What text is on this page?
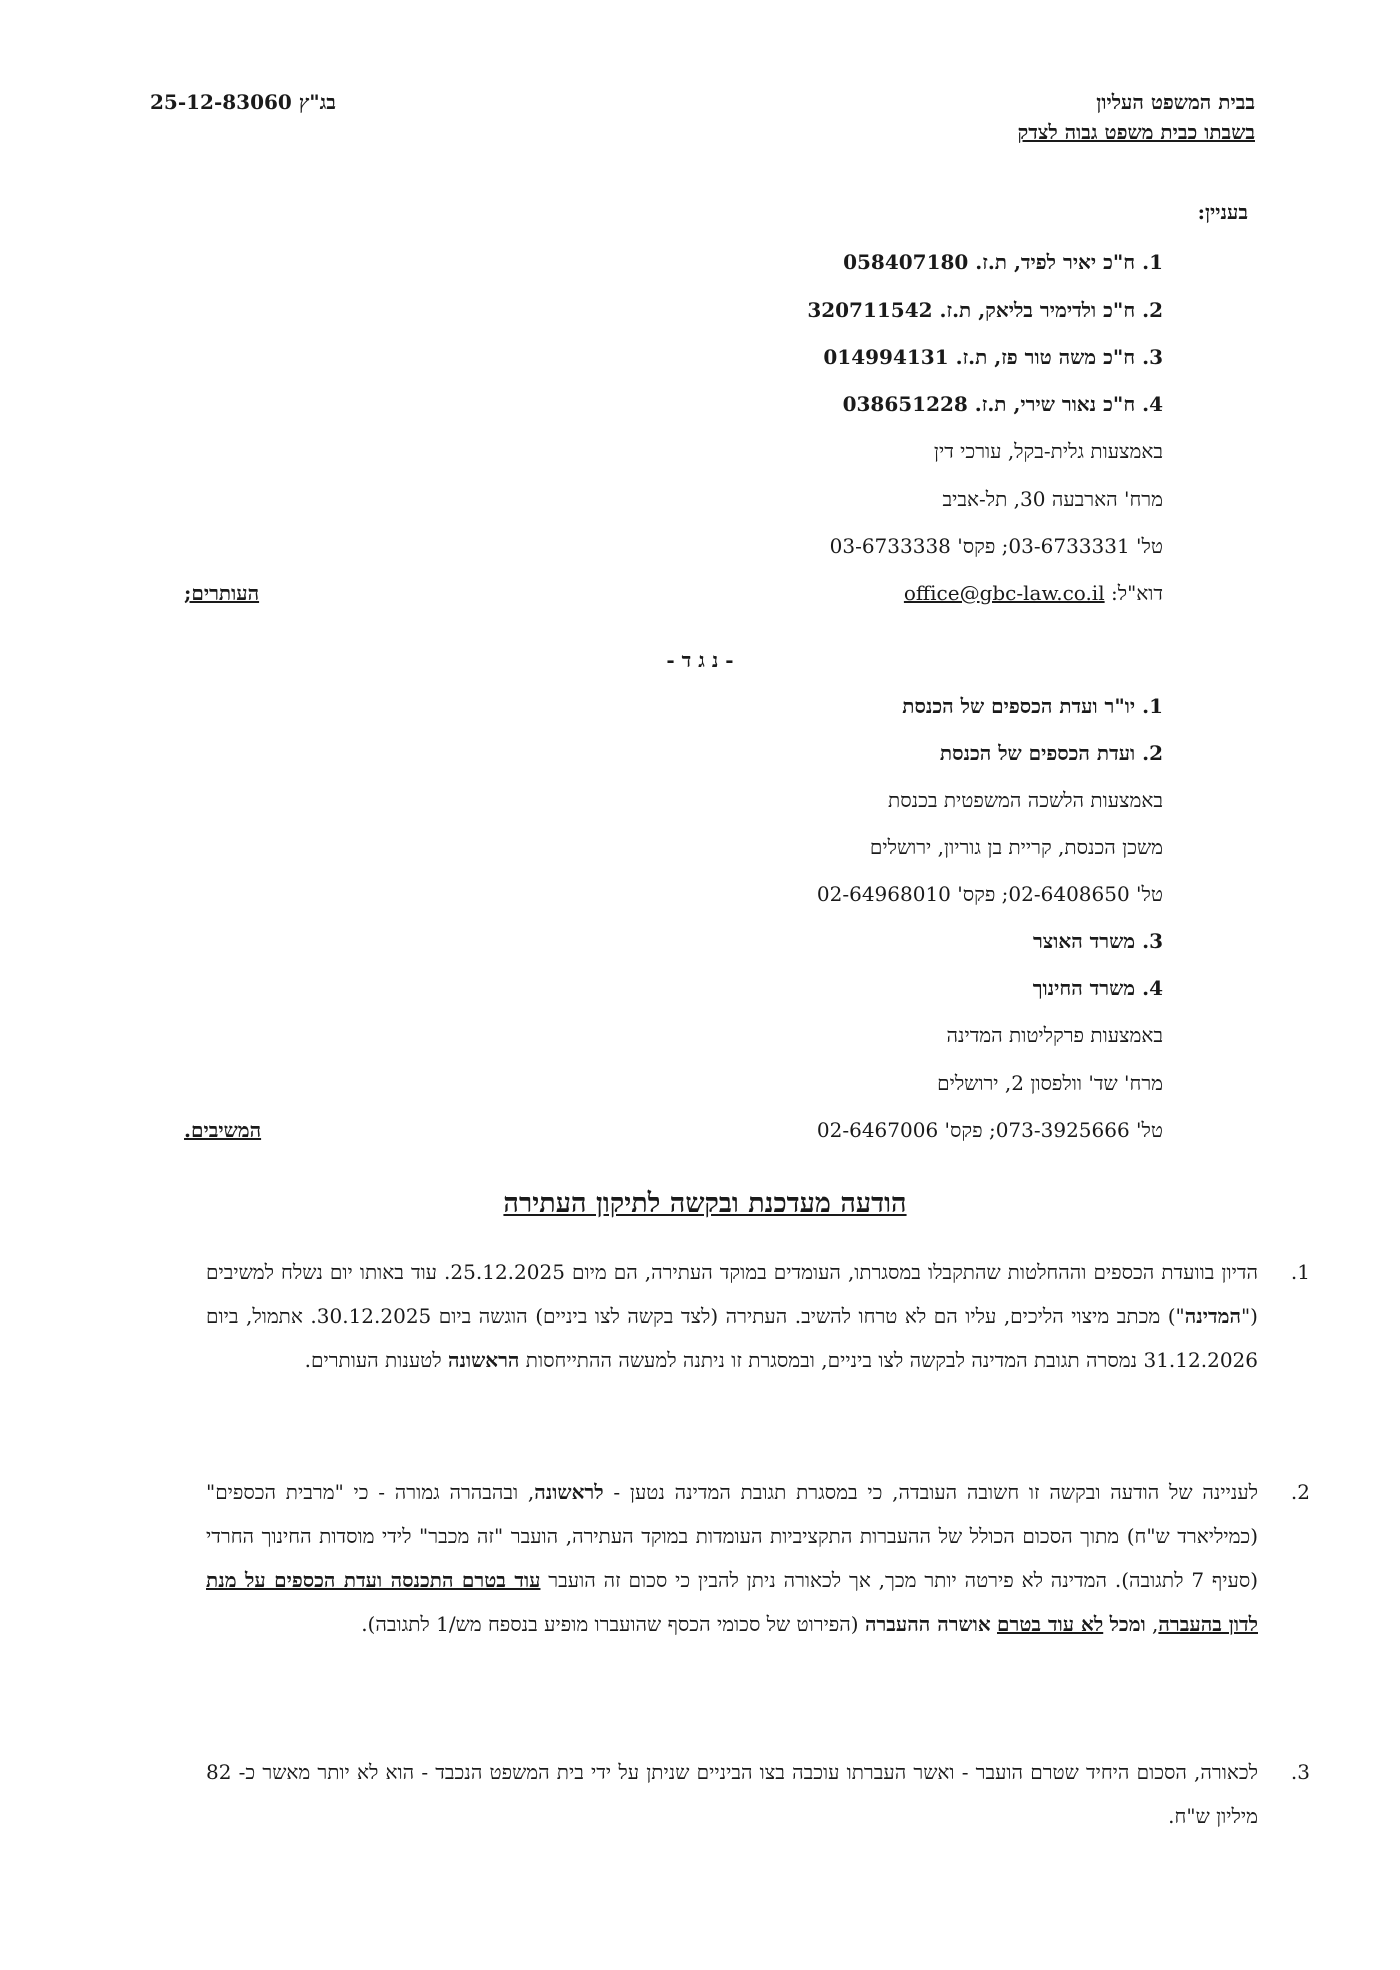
בבית המשפט העליון
בשבתו כבית משפט גבוה לצדק
בג"ץ 25-12-83060
בעניין:
1. ח"כ יאיר לפיד, ת.ז. 058407180
2. ח"כ ולדימיר בליאק, ת.ז. 320711542
3. ח"כ משה טור פז, ת.ז. 014994131
4. ח"כ נאור שירי, ת.ז. 038651228
באמצעות גלית-בקל, עורכי דין
מרח' הארבעה 30, תל-אביב
טל' 03-6733331; פקס' 03-6733338
דוא"ל: office@gbc-law.co.il
העותרים;
- נ ג ד -
1. יו"ר ועדת הכספים של הכנסת
2. ועדת הכספים של הכנסת
באמצעות הלשכה המשפטית בכנסת
משכן הכנסת, קריית בן גוריון, ירושלים
טל' 02-6408650; פקס' 02-64968010
3. משרד האוצר
4. משרד החינוך
באמצעות פרקליטות המדינה
מרח' שד' וולפסון 2, ירושלים
טל' 073-3925666; פקס' 02-6467006
המשיבים.
הודעה מעדכנת ובקשה לתיקון העתירה
1.
הדיון בוועדת הכספים וההחלטות שהתקבלו במסגרתו, העומדים במוקד העתירה, הם מיום 25.12.2025. עוד באותו יום נשלח למשיבים ("המדינה") מכתב מיצוי הליכים, עליו הם לא טרחו להשיב. העתירה (לצד בקשה לצו ביניים) הוגשה ביום 30.12.2025. אתמול, ביום 31.12.2026 נמסרה תגובת המדינה לבקשה לצו ביניים, ובמסגרת זו ניתנה למעשה ההתייחסות הראשונה לטענות העותרים.
2.
לעניינה של הודעה ובקשה זו חשובה העובדה, כי במסגרת תגובת המדינה נטען - לראשונה, ובהבהרה גמורה - כי "מרבית הכספים" (כמיליארד ש"ח) מתוך הסכום הכולל של ההעברות התקציביות העומדות במוקד העתירה, הועבר "זה מכבר" לידי מוסדות החינוך החרדי (סעיף 7 לתגובה). המדינה לא פירטה יותר מכך, אך לכאורה ניתן להבין כי סכום זה הועבר עוד בטרם התכנסה ועדת הכספים על מנת לדון בהעברה, ומכל לא עוד בטרם אושרה ההעברה (הפירוט של סכומי הכסף שהועברו מופיע בנספח מש/1 לתגובה).
3.
לכאורה, הסכום היחיד שטרם הועבר - ואשר העברתו עוכבה בצו הביניים שניתן על ידי בית המשפט הנכבד - הוא לא יותר מאשר כ- 82 מיליון ש"ח.
